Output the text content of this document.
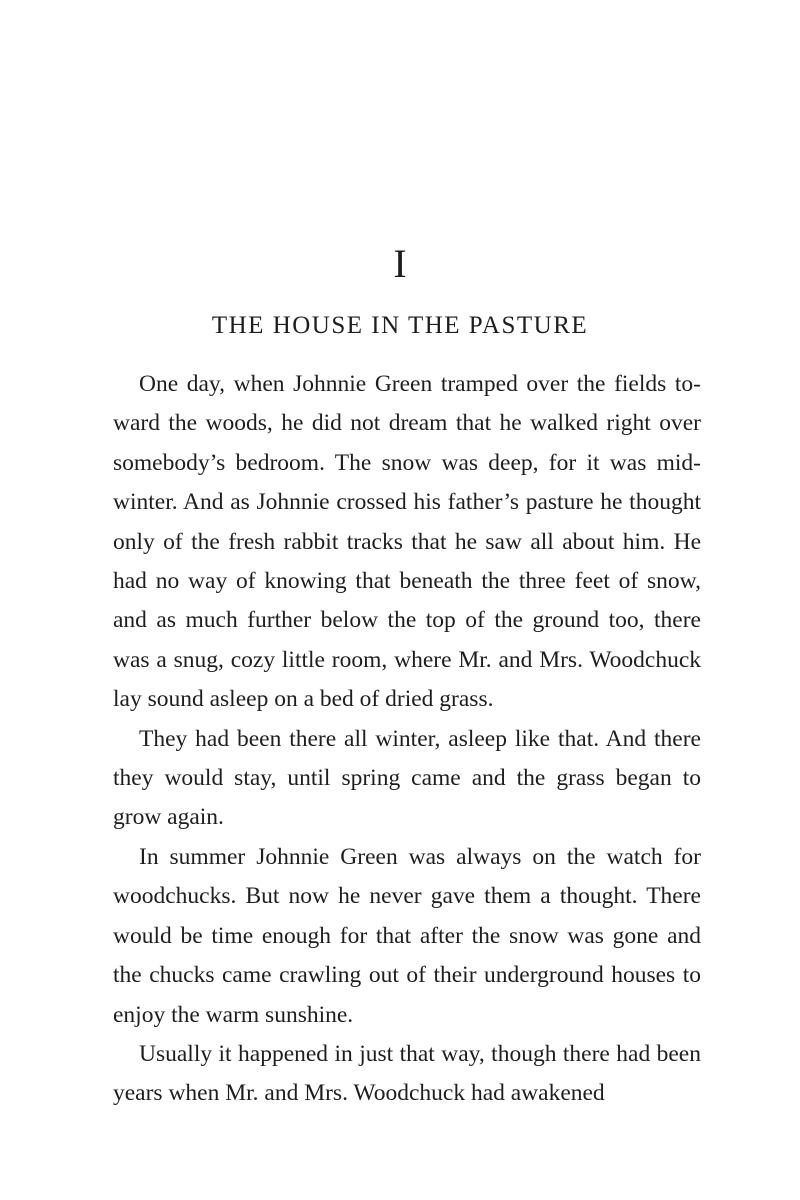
I
THE HOUSE IN THE PASTURE

One day, when Johnnie Green tramped over the fields toward the woods, he did not dream that he walked right over somebody’s bedroom. The snow was deep, for it was midwinter. And as Johnnie crossed his father’s pasture he thought only of the fresh rabbit tracks that he saw all about him. He had no way of knowing that beneath the three feet of snow, and as much further below the top of the ground too, there was a snug, cozy little room, where Mr. and Mrs. Woodchuck lay sound asleep on a bed of dried grass.

They had been there all winter, asleep like that. And there they would stay, until spring came and the grass began to grow again.

In summer Johnnie Green was always on the watch for woodchucks. But now he never gave them a thought. There would be time enough for that after the snow was gone and the chucks came crawling out of their underground houses to enjoy the warm sunshine.

Usually it happened in just that way, though there had been years when Mr. and Mrs. Woodchuck had awakened
